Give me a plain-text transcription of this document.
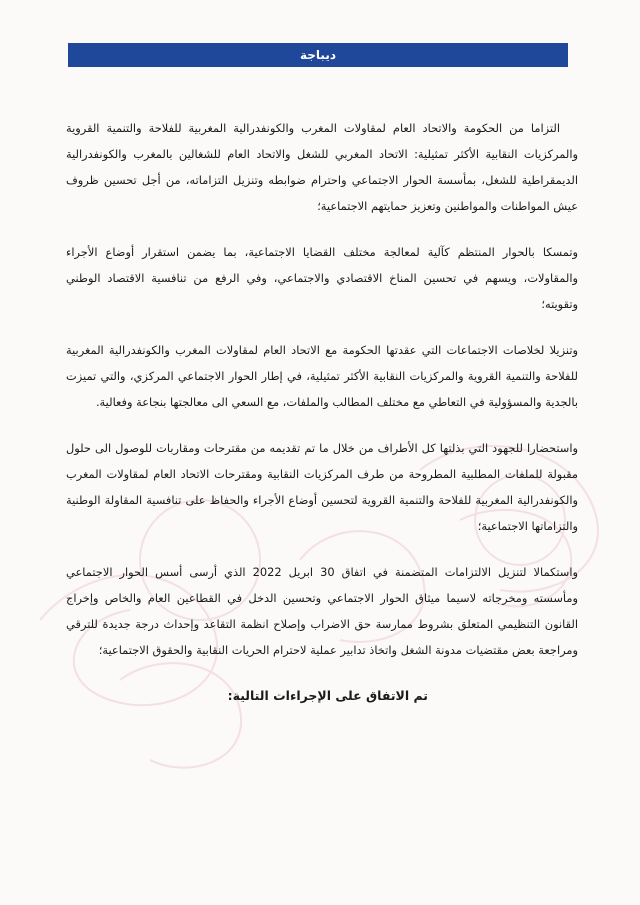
ديباجة

التزاما من الحكومة والاتحاد العام لمقاولات المغرب والكونفدرالية المغربية للفلاحة والتنمية القروية والمركزيات النقابية الأكثر تمثيلية: الاتحاد المغربي للشغل والاتحاد العام للشغالين بالمغرب والكونفدرالية الديمقراطية للشغل، بمأسسة الحوار الاجتماعي واحترام ضوابطه وتنزيل التزاماته، من أجل تحسين ظروف عيش المواطنات والمواطنين وتعزيز حمايتهم الاجتماعية؛

وتمسكا بالحوار المنتظم كآلية لمعالجة مختلف القضايا الاجتماعية، بما يضمن استقرار أوضاع الأجراء والمقاولات، ويسهم في تحسين المناخ الاقتصادي والاجتماعي، وفي الرفع من تنافسية الاقتصاد الوطني وتقويته؛

وتنزيلا لخلاصات الاجتماعات التي عقدتها الحكومة مع الاتحاد العام لمقاولات المغرب والكونفدرالية المغربية للفلاحة والتنمية القروية والمركزيات النقابية الأكثر تمثيلية، في إطار الحوار الاجتماعي المركزي، والتي تميزت بالجدية والمسؤولية في التعاطي مع مختلف المطالب والملفات، مع السعي الى معالجتها بنجاعة وفعالية.

واستحضارا للجهود التي بذلتها كل الأطراف من خلال ما تم تقديمه من مقترحات ومقاربات للوصول الى حلول مقبولة للملفات المطلبية المطروحة من طرف المركزيات النقابية ومقترحات الاتحاد العام لمقاولات المغرب والكونفدرالية المغربية للفلاحة والتنمية القروية لتحسين أوضاع الأجراء والحفاظ على تنافسية المقاولة الوطنية والتزاماتها الاجتماعية؛

واستكمالا لتنزيل الالتزامات المتضمنة في اتفاق 30 ابريل 2022 الذي أرسى أسس الحوار الاجتماعي ومأسسته ومخرجاته لاسيما ميثاق الحوار الاجتماعي وتحسين الدخل في القطاعين العام والخاص وإخراج القانون التنظيمي المتعلق بشروط ممارسة حق الاضراب وإصلاح انظمة التقاعد وإحداث درجة جديدة للترقي ومراجعة بعض مقتضيات مدونة الشغل واتخاذ تدابير عملية لاحترام الحريات النقابية والحقوق الاجتماعية؛

تم الاتفاق على الإجراءات التالية:
